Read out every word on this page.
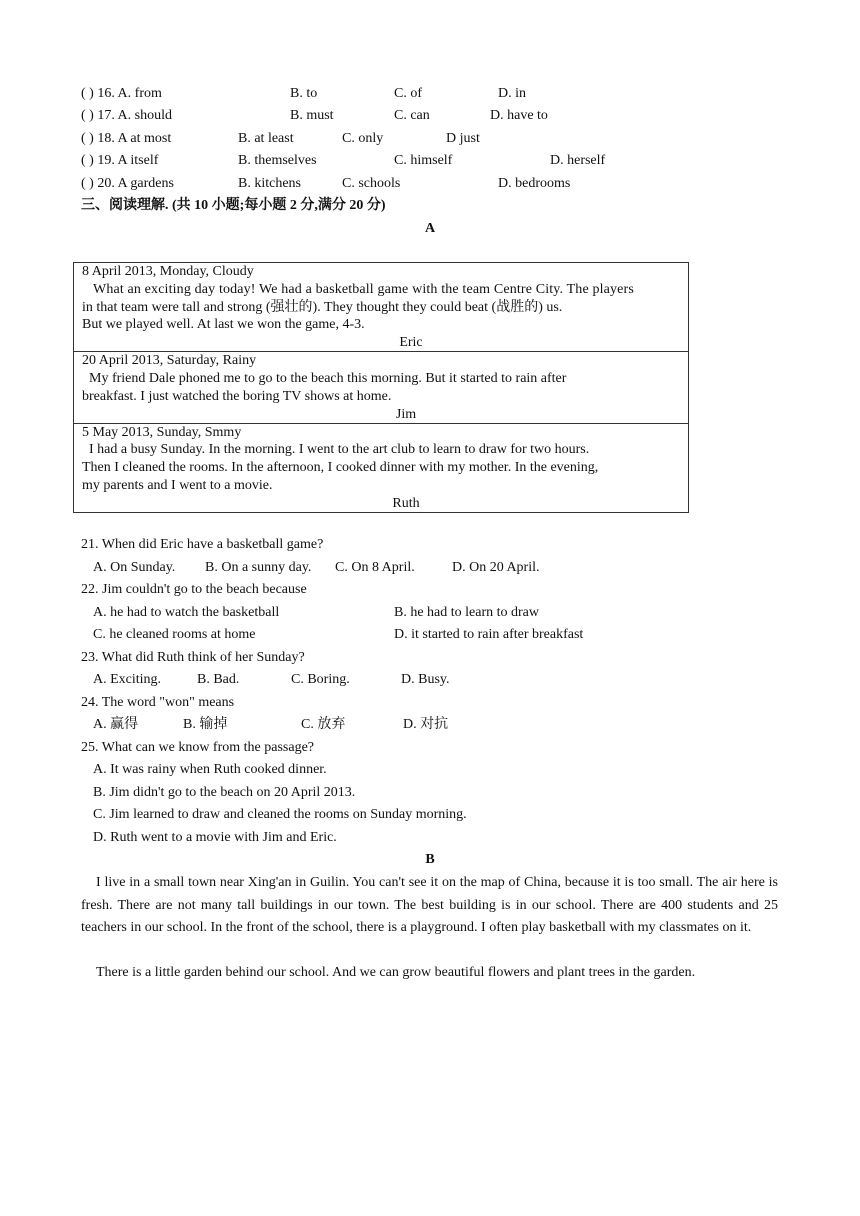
( ) 16. A. from	B. to	C. of	D. in
( ) 17. A. should	B. must	C. can	D. have to
( ) 18. A at most	B. at least	C. only	D just
( ) 19. A itself	B. themselves	C. himself	D. herself
( ) 20. A gardens	B. kitchens	C. schools	D. bedrooms
三、阅读理解. (共 10 小题;每小题 2 分,满分 20 分)
A
8 April 2013, Monday, Cloudy
What an exciting day today! We had a basketball game with the team Centre City. The players
in that team were tall and strong (强壮的). They thought they could beat (战胜的) us.
But we played well. At last we won the game, 4-3.
Eric
20 April 2013, Saturday, Rainy
My friend Dale phoned me to go to the beach this morning. But it started to rain after
breakfast. I just watched the boring TV shows at home.
Jim
5 May 2013, Sunday, Smmy
I had a busy Sunday. In the morning. I went to the art club to learn to draw for two hours.
Then I cleaned the rooms. In the afternoon, I cooked dinner with my mother. In the evening,
my parents and I went to a movie.
Ruth
21. When did Eric have a basketball game?
A. On Sunday. B. On a sunny day. C. On 8 April.	D. On 20 April.
22. Jim couldn't go to the beach because
A. he had to watch the basketball	B. he had to learn to draw
C. he cleaned rooms at home	D. it started to rain after breakfast
23. What did Ruth think of her Sunday?
A. Exciting.	B. Bad.	C. Boring.	D. Busy.
24. The word "won" means
A. 赢得	B. 输掉	C. 放弃	D. 对抗
25. What can we know from the passage?
A. It was rainy when Ruth cooked dinner.
B. Jim didn't go to the beach on 20 April 2013.
C. Jim learned to draw and cleaned the rooms on Sunday morning.
D. Ruth went to a movie with Jim and Eric.
B
I live in a small town near Xing'an in Guilin. You can't see it on the map of China, because it is too small. The air here is fresh. There are not many tall buildings in our town. The best building is in our school. There are 400 students and 25 teachers in our school. In the front of the school, there is a playground. I often play basketball with my classmates on it.
There is a little garden behind our school. And we can grow beautiful flowers and plant trees in the garden.
